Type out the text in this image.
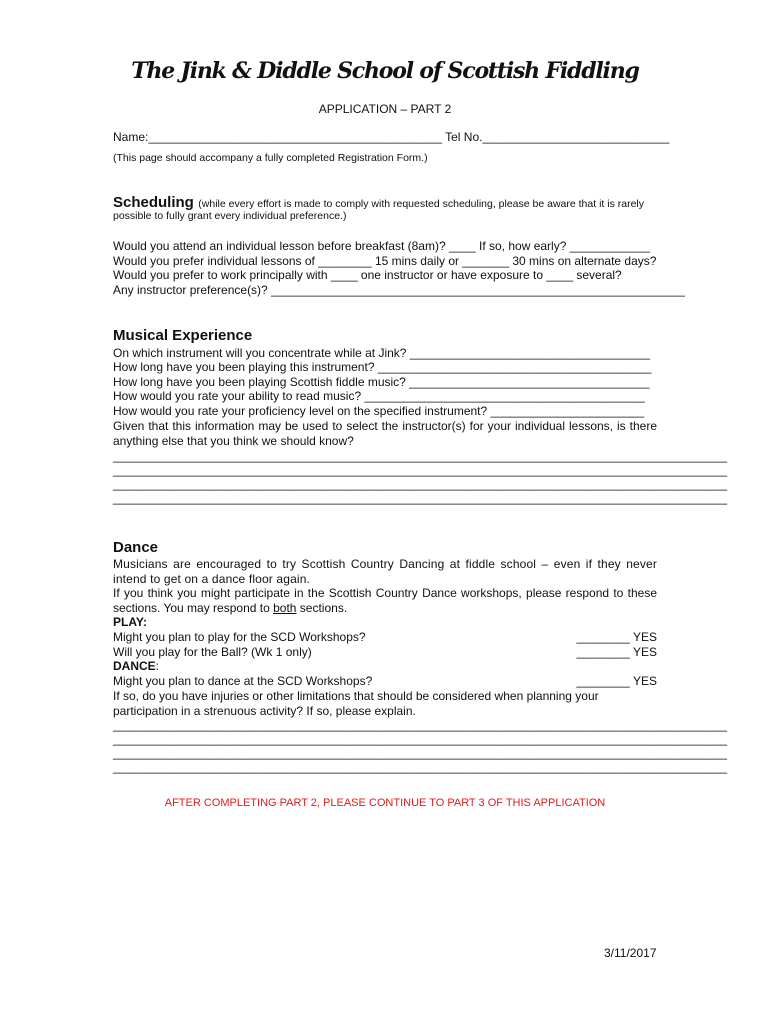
The Jink & Diddle School of Scottish Fiddling
APPLICATION – PART 2
Name:____________________________________________ Tel No.____________________________
(This page should accompany a fully completed Registration Form.)
Scheduling (while every effort is made to comply with requested scheduling, please be aware that it is rarely
possible to fully grant every individual preference.)
Would you attend an individual lesson before breakfast (8am)? ____ If so, how early? ____________
Would you prefer individual lessons of ________ 15 mins daily or _______ 30 mins on alternate days?
Would you prefer to work principally with ____ one instructor or have exposure to ____ several?
Any instructor preference(s)? ______________________________________________________________
Musical Experience
On which instrument will you concentrate while at Jink? ____________________________________
How long have you been playing this instrument? _________________________________________
How long have you been playing Scottish fiddle music? ____________________________________
How would you rate your ability to read music? __________________________________________
How would you rate your proficiency level on the specified instrument? _______________________
Given that this information may be used to select the instructor(s) for your individual lessons, is there anything else that you think we should know?
____________________________________________________________________________________________
____________________________________________________________________________________________
____________________________________________________________________________________________
____________________________________________________________________________________________
Dance
Musicians are encouraged to try Scottish Country Dancing at fiddle school – even if they never intend to get on a dance floor again.
If you think you might participate in the Scottish Country Dance workshops, please respond to these sections. You may respond to both sections.
PLAY:
Might you plan to play for the SCD Workshops?	________ YES
Will you play for the Ball? (Wk 1 only)	________ YES
DANCE:
Might you plan to dance at the SCD Workshops?	________ YES
If so, do you have injuries or other limitations that should be considered when planning your participation in a strenuous activity? If so, please explain.
____________________________________________________________________________________________
____________________________________________________________________________________________
____________________________________________________________________________________________
____________________________________________________________________________________________
AFTER COMPLETING PART 2, PLEASE CONTINUE TO PART 3 OF THIS APPLICATION
3/11/2017
